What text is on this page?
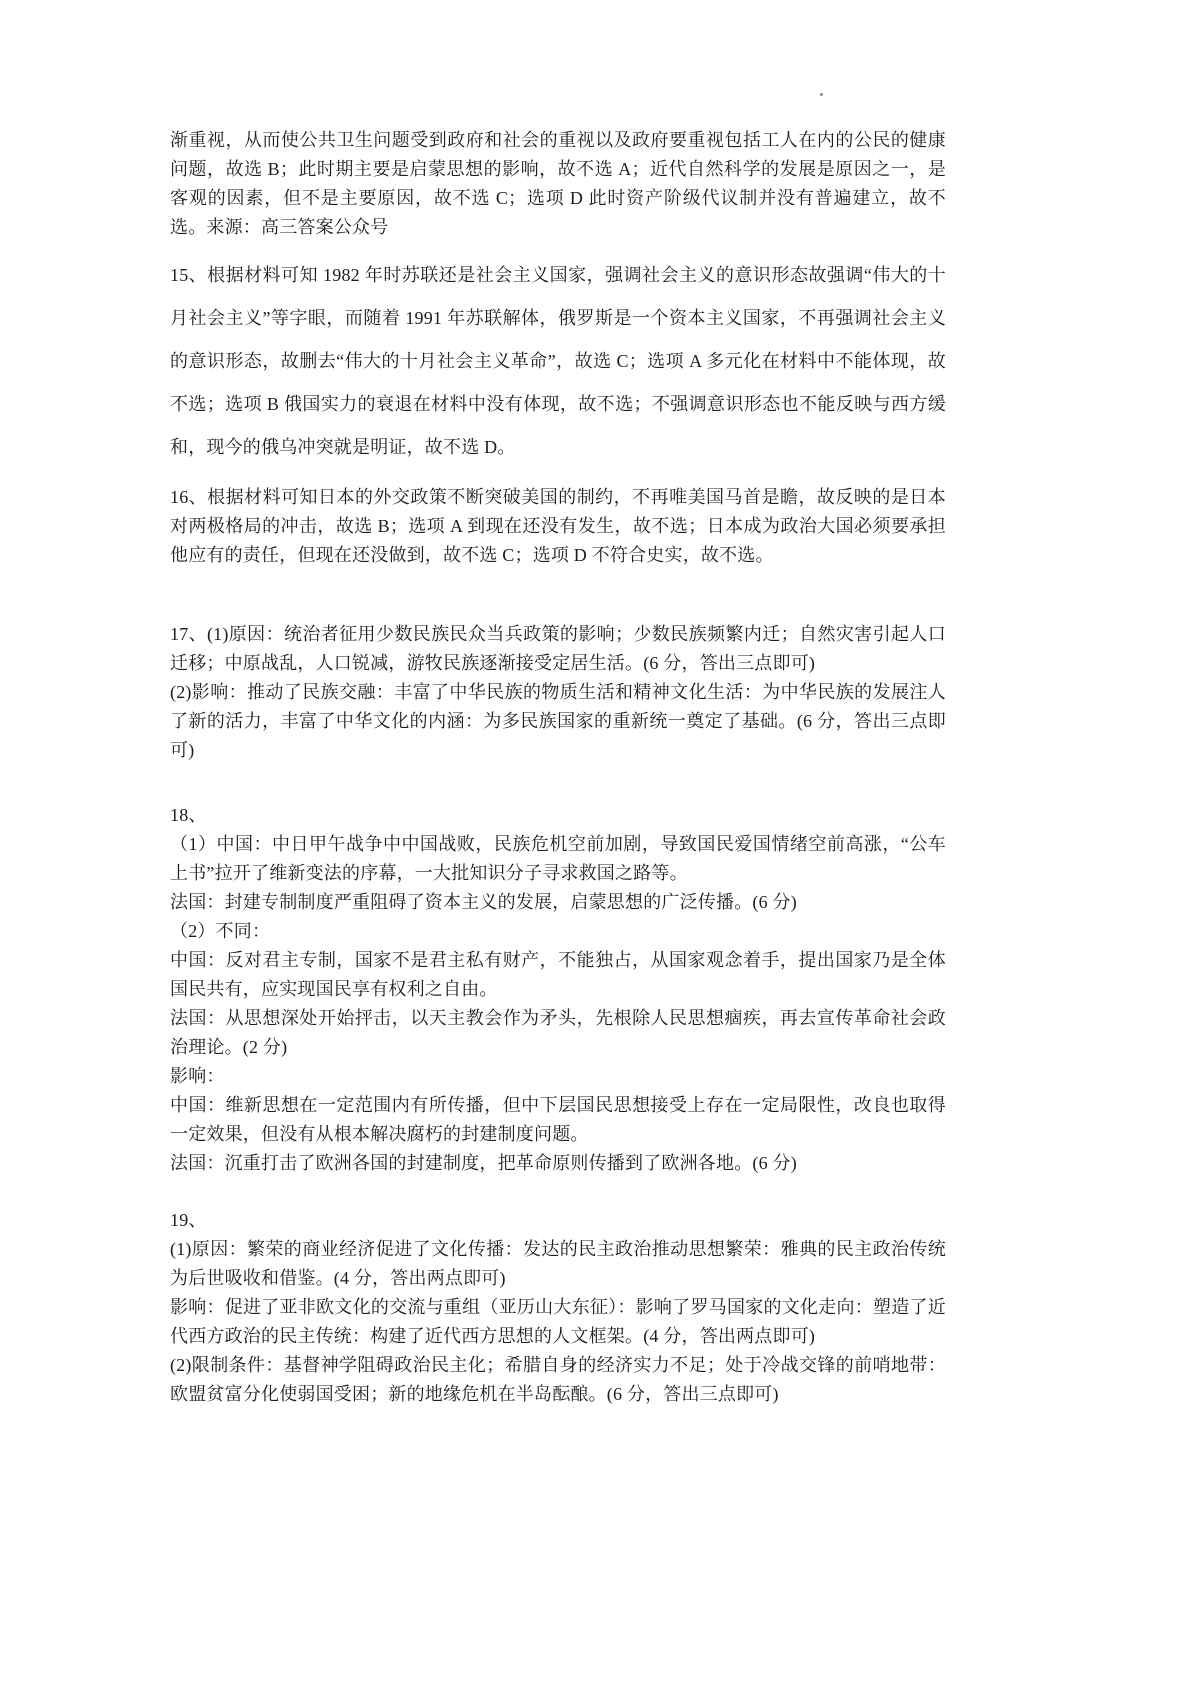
渐重视，从而使公共卫生问题受到政府和社会的重视以及政府要重视包括工人在内的公民的健康问题，故选 B；此时期主要是启蒙思想的影响，故不选 A；近代自然科学的发展是原因之一，是客观的因素，但不是主要原因，故不选 C；选项 D 此时资产阶级代议制并没有普遍建立，故不选。来源：高三答案公众号

15、根据材料可知 1982 年时苏联还是社会主义国家，强调社会主义的意识形态故强调“伟大的十月社会主义”等字眼，而随着 1991 年苏联解体，俄罗斯是一个资本主义国家，不再强调社会主义的意识形态，故删去“伟大的十月社会主义革命”，故选 C；选项 A 多元化在材料中不能体现，故不选；选项 B 俄国实力的衰退在材料中没有体现，故不选；不强调意识形态也不能反映与西方缓和，现今的俄乌冲突就是明证，故不选 D。

16、根据材料可知日本的外交政策不断突破美国的制约，不再唯美国马首是瞻，故反映的是日本对两极格局的冲击，故选 B；选项 A 到现在还没有发生，故不选；日本成为政治大国必须要承担他应有的责任，但现在还没做到，故不选 C；选项 D 不符合史实，故不选。

17、(1)原因：统治者征用少数民族民众当兵政策的影响；少数民族频繁内迁；自然灾害引起人口迁移；中原战乱，人口锐减，游牧民族逐渐接受定居生活。(6 分，答出三点即可)

(2)影响：推动了民族交融：丰富了中华民族的物质生活和精神文化生活：为中华民族的发展注人了新的活力，丰富了中华文化的内涵：为多民族国家的重新统一奠定了基础。(6 分，答出三点即可)

18、

（1）中国：中日甲午战争中中国战败，民族危机空前加剧，导致国民爱国情绪空前高涨，“公车上书”拉开了维新变法的序幕，一大批知识分子寻求救国之路等。

法国：封建专制制度严重阻碍了资本主义的发展，启蒙思想的广泛传播。(6 分)

（2）不同：

中国：反对君主专制，国家不是君主私有财产，不能独占，从国家观念着手，提出国家乃是全体国民共有，应实现国民享有权利之自由。

法国：从思想深处开始抨击，以天主教会作为矛头，先根除人民思想痼疾，再去宣传革命社会政治理论。(2 分)

影响：

中国：维新思想在一定范围内有所传播，但中下层国民思想接受上存在一定局限性，改良也取得一定效果，但没有从根本解决腐朽的封建制度问题。

法国：沉重打击了欧洲各国的封建制度，把革命原则传播到了欧洲各地。(6 分)

19、

(1)原因：繁荣的商业经济促进了文化传播：发达的民主政治推动思想繁荣：雅典的民主政治传统为后世吸收和借鉴。(4 分，答出两点即可)

影响：促进了亚非欧文化的交流与重组（亚历山大东征）：影响了罗马国家的文化走向：塑造了近代西方政治的民主传统：构建了近代西方思想的人文框架。(4 分，答出两点即可)

(2)限制条件：基督神学阻碍政治民主化；希腊自身的经济实力不足；处于冷战交锋的前哨地带：欧盟贫富分化使弱国受困；新的地缘危机在半岛酝酿。(6 分，答出三点即可)
